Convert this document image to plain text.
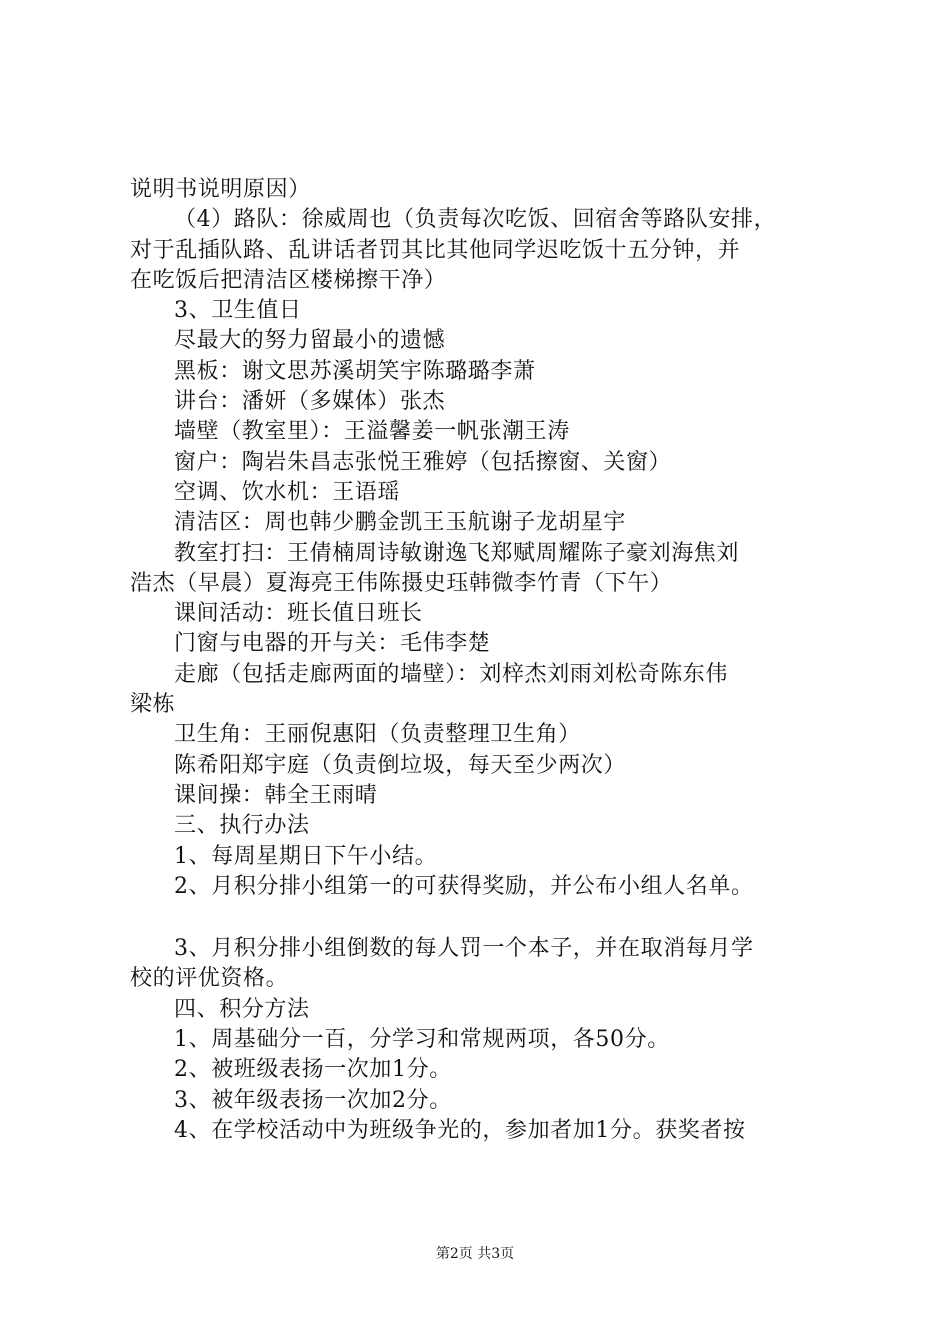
说明书说明原因）
（4）路队：徐威周也（负责每次吃饭、回宿舍等路队安排，
对于乱插队路、乱讲话者罚其比其他同学迟吃饭十五分钟，并
在吃饭后把清洁区楼梯擦干净）
3、卫生值日
尽最大的努力留最小的遗憾
黑板：谢文思苏溪胡笑宇陈璐璐李萧
讲台：潘妍（多媒体）张杰
墙壁（教室里）：王溢馨姜一帆张潮王涛
窗户：陶岩朱昌志张悦王雅婷（包括擦窗、关窗）
空调、饮水机：王语瑶
清洁区：周也韩少鹏金凯王玉航谢子龙胡星宇
教室打扫：王倩楠周诗敏谢逸飞郑赋周耀陈子豪刘海焦刘
浩杰（早晨）夏海亮王伟陈摄史珏韩微李竹青（下午）
课间活动：班长值日班长
门窗与电器的开与关：毛伟李楚
走廊（包括走廊两面的墙壁）：刘梓杰刘雨刘松奇陈东伟
梁栋
卫生角：王丽倪惠阳（负责整理卫生角）
陈希阳郑宇庭（负责倒垃圾，每天至少两次）
课间操：韩全王雨晴
三、执行办法
1、每周星期日下午小结。
2、月积分排小组第一的可获得奖励，并公布小组人名单。
3、月积分排小组倒数的每人罚一个本子，并在取消每月学
校的评优资格。
四、积分方法
1、周基础分一百，分学习和常规两项，各50分。
2、被班级表扬一次加1分。
3、被年级表扬一次加2分。
4、在学校活动中为班级争光的，参加者加1分。获奖者按
第2页 共3页
